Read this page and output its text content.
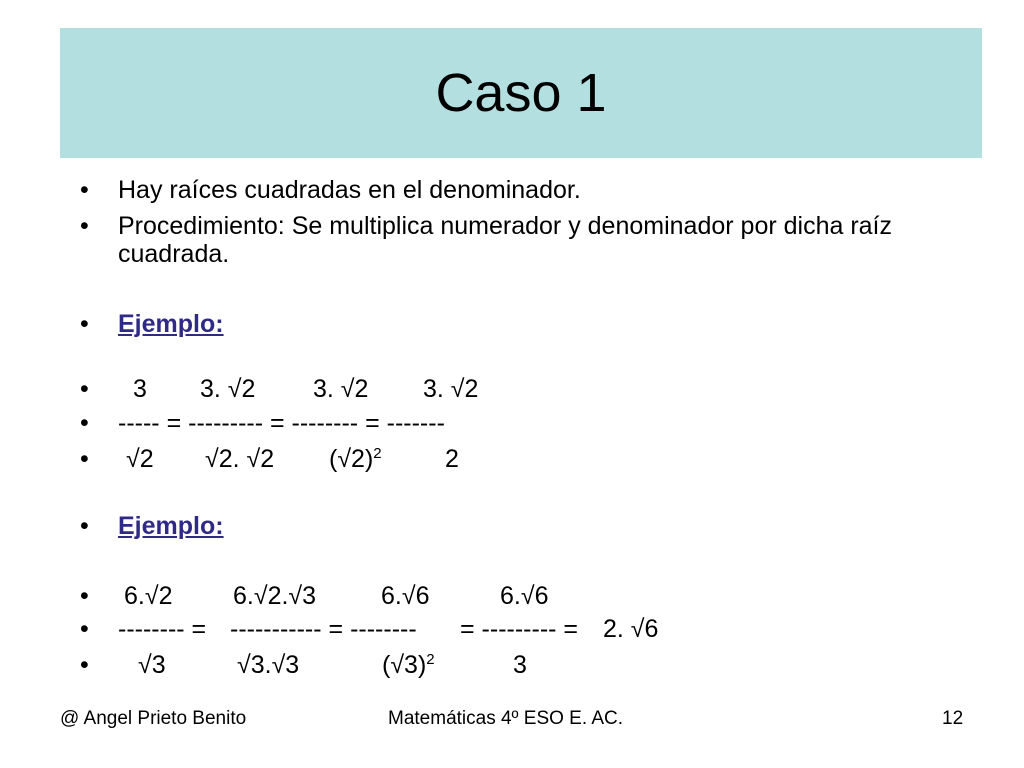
Caso 1
• Hay raíces cuadradas en el denominador.
• Procedimiento: Se multiplica numerador y denominador por dicha raíz cuadrada.
• Ejemplo:
• 3 3. √2 3. √2 3. √2
• ----- = --------- = -------- = -------
• √2 √2. √2 $(√2)^2$	2
• Ejemplo:
• 6.√2 6.√2.√3	6.√6	6.√6
• -------- = ----------- = -------- = --------- = 2. √6
• √3	√3.√3	$(√3)^2$	3
@ Angel Prieto Benito	Matemáticas 4º ESO E. AC.	12
